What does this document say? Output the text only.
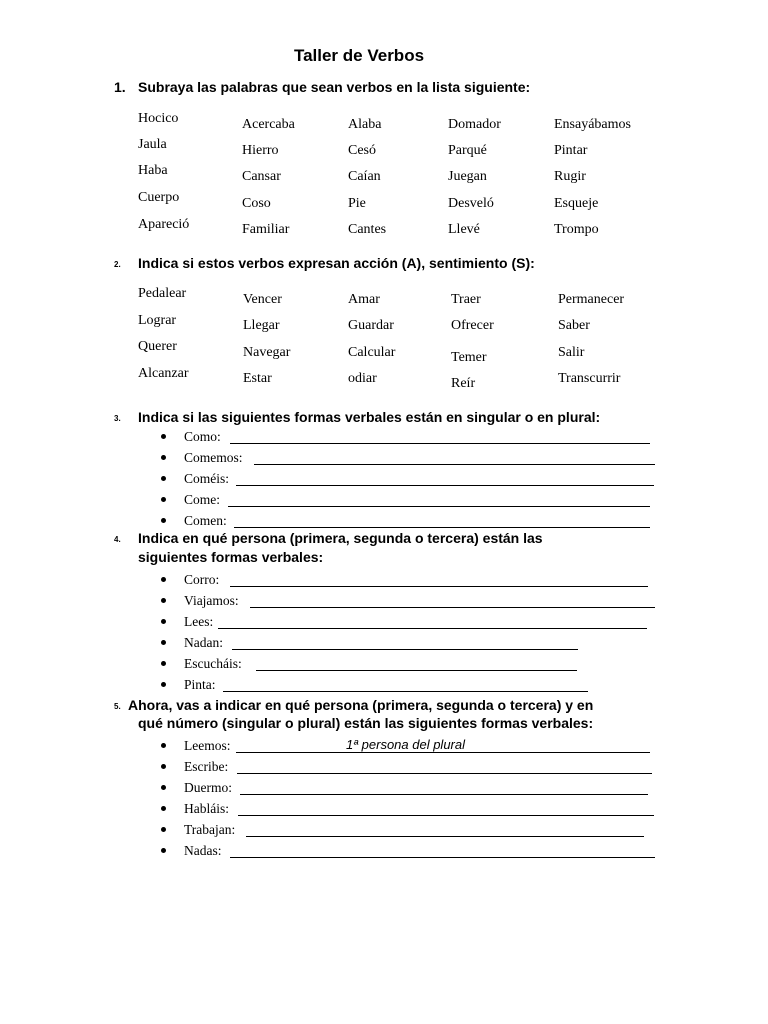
Taller de Verbos
1. Subraya las palabras que sean verbos en la lista siguiente:
Hocico
Jaula
Haba
Cuerpo
Apareció
Acercaba
Hierro
Cansar
Coso
Familiar
Alaba
Cesó
Caían
Pie
Cantes
Domador
Parqué
Juegan
Desveló
Llevé
Ensayábamos
Pintar
Rugir
Esqueje
Trompo
2. Indica si estos verbos expresan acción (A), sentimiento (S):
Pedalear
Lograr
Querer
Alcanzar
Vencer
Llegar
Navegar
Estar
Amar
Guardar
Calcular
odiar
Traer
Ofrecer
Temer
Reír
Permanecer
Saber
Salir
Transcurrir
3. Indica si las siguientes formas verbales están en singular o en plural:
Como:
Comemos:
Coméis:
Come:
Comen:
4. Indica en qué persona (primera, segunda o tercera) están las
siguientes formas verbales:
Corro:
Viajamos:
Lees:
Nadan:
Escucháis:
Pinta:
5. Ahora, vas a indicar en qué persona (primera, segunda o tercera) y en
qué número (singular o plural) están las siguientes formas verbales:
Leemos:	1ª persona del plural
Escribe:
Duermo:
Habláis:
Trabajan:
Nadas:
